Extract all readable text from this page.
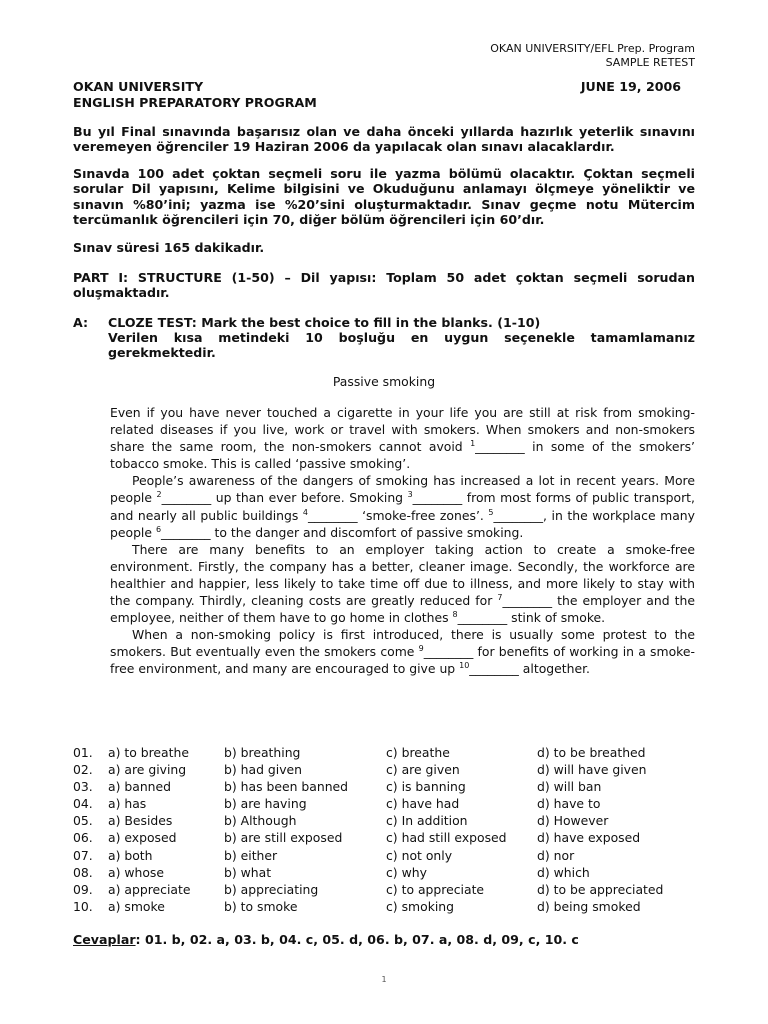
OKAN UNIVERSITY/EFL Prep. Program
SAMPLE RETEST
OKAN UNIVERSITY
ENGLISH PREPARATORY PROGRAM
JUNE 19, 2006
Bu yıl Final sınavında başarısız olan ve daha önceki yıllarda hazırlık yeterlik sınavını veremeyen öğrenciler 19 Haziran 2006 da yapılacak olan sınavı alacaklardır.
Sınavda 100 adet çoktan seçmeli soru ile yazma bölümü olacaktır. Çoktan seçmeli sorular Dil yapısını, Kelime bilgisini ve Okuduğunu anlamayı ölçmeye yöneliktir ve sınavın %80’ini; yazma ise %20’sini oluşturmaktadır. Sınav geçme notu Mütercim tercümanlık öğrencileri için 70, diğer bölüm öğrencileri için 60’dır.
Sınav süresi 165 dakikadır.
PART I: STRUCTURE (1-50) – Dil yapısı: Toplam 50 adet çoktan seçmeli sorudan oluşmaktadır.
A: CLOZE TEST: Mark the best choice to fill in the blanks. (1-10)
Verilen kısa metindeki 10 boşluğu en uygun seçenekle tamamlamanız gerekmektedir.
Passive smoking

Even if you have never touched a cigarette in your life you are still at risk from smoking-related diseases if you live, work or travel with smokers. When smokers and non-smokers share the same room, the non-smokers cannot avoid $^1$________ in some of the smokers’ tobacco smoke. This is called ‘passive smoking’.

People’s awareness of the dangers of smoking has increased a lot in recent years. More people $^2$________ up than ever before. Smoking $^3$________ from most forms of public transport, and nearly all public buildings $^4$________ ‘smoke-free zones’. $^5$________, in the workplace many people $^6$________ to the danger and discomfort of passive smoking.

There are many benefits to an employer taking action to create a smoke-free environment. Firstly, the company has a better, cleaner image. Secondly, the workforce are healthier and happier, less likely to take time off due to illness, and more likely to stay with the company. Thirdly, cleaning costs are greatly reduced for $^7$________ the employer and the employee, neither of them have to go home in clothes $^8$________ stink of smoke.

When a non-smoking policy is first introduced, there is usually some protest to the smokers. But eventually even the smokers come $^9$________ for benefits of working in a smoke-free environment, and many are encouraged to give up $^{10}$________ altogether.

01. a) to breathe	b) breathing	c) breathe	d) to be breathed
02. a) are giving	b) had given	c) are given	d) will have given
03. a) banned	b) has been banned	c) is banning	d) will ban
04. a) has	b) are having	c) have had	d) have to
05. a) Besides	b) Although	c) In addition	d) However
06. a) exposed	b) are still exposed	c) had still exposed d) have exposed
07. a) both	b) either	c) not only	d) nor
08. a) whose	b) what	c) why	d) which
09. a) appreciate	b) appreciating	c) to appreciate	d) to be appreciated
10. a) smoke	b) to smoke	c) smoking	d) being smoked
Cevaplar: 01. b, 02. a, 03. b, 04. c, 05. d, 06. b, 07. a, 08. d, 09, c, 10. c
1
